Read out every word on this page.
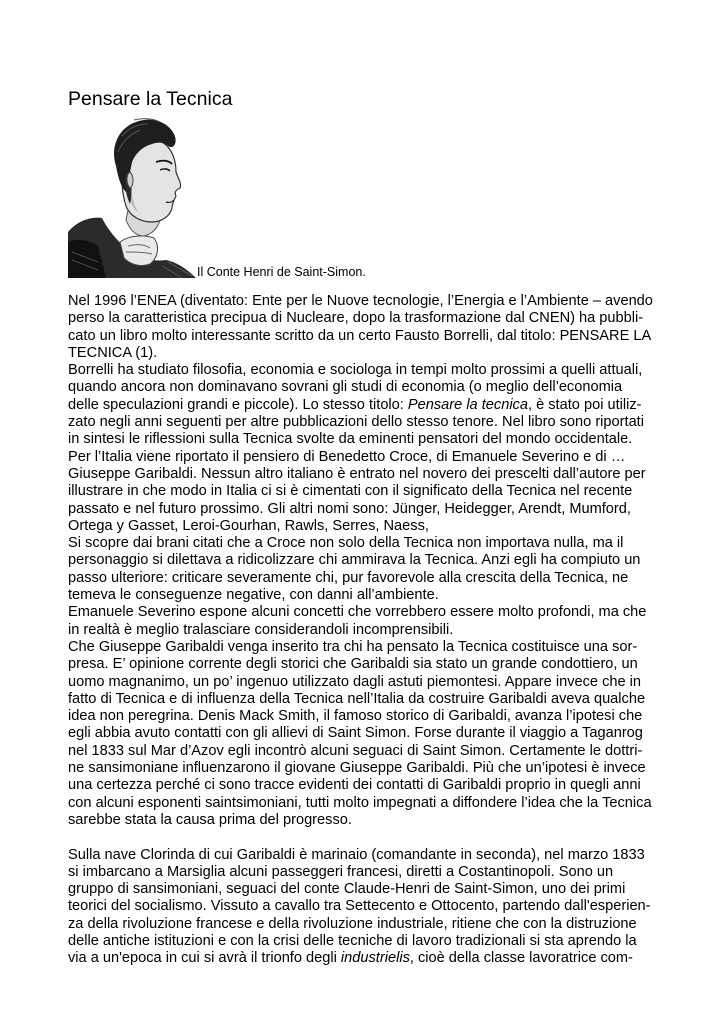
Pensare la Tecnica
Il Conte Henri de Saint-Simon.
Nel 1996 l’ENEA (diventato: Ente per le Nuove tecnologie, l’Energia e l’Ambiente – avendo
perso la caratteristica precipua di Nucleare, dopo la trasformazione dal CNEN) ha pubbli-
cato un libro molto interessante scritto da un certo Fausto Borrelli, dal titolo: PENSARE LA
TECNICA (1).
Borrelli ha studiato filosofia, economia e sociologa in tempi molto prossimi a quelli attuali,
quando ancora non dominavano sovrani gli studi di economia (o meglio dell’economia
delle speculazioni grandi e piccole). Lo stesso titolo: Pensare la tecnica, è stato poi utiliz-
zato negli anni seguenti per altre pubblicazioni dello stesso tenore. Nel libro sono riportati
in sintesi le riflessioni sulla Tecnica svolte da eminenti pensatori del mondo occidentale.
Per l’Italia viene riportato il pensiero di Benedetto Croce, di Emanuele Severino e di …
Giuseppe Garibaldi. Nessun altro italiano è entrato nel novero dei prescelti dall’autore per
illustrare in che modo in Italia ci si è cimentati con il significato della Tecnica nel recente
passato e nel futuro prossimo. Gli altri nomi sono: Jünger, Heidegger, Arendt, Mumford,
Ortega y Gasset, Leroi-Gourhan, Rawls, Serres, Naess,
Si scopre dai brani citati che a Croce non solo della Tecnica non importava nulla, ma il
personaggio si dilettava a ridicolizzare chi ammirava la Tecnica. Anzi egli ha compiuto un
passo ulteriore: criticare severamente chi, pur favorevole alla crescita della Tecnica, ne
temeva le conseguenze negative, con danni all’ambiente.
Emanuele Severino espone alcuni concetti che vorrebbero essere molto profondi, ma che
in realtà è meglio tralasciare considerandoli incomprensibili.
Che Giuseppe Garibaldi venga inserito tra chi ha pensato la Tecnica costituisce una sor-
presa. E’ opinione corrente degli storici che Garibaldi sia stato un grande condottiero, un
uomo magnanimo, un po’ ingenuo utilizzato dagli astuti piemontesi. Appare invece che in
fatto di Tecnica e di influenza della Tecnica nell’Italia da costruire Garibaldi aveva qualche
idea non peregrina. Denis Mack Smith, il famoso storico di Garibaldi, avanza l’ipotesi che
egli abbia avuto contatti con gli allievi di Saint Simon. Forse durante il viaggio a Taganrog
nel 1833 sul Mar d’Azov egli incontrò alcuni seguaci di Saint Simon. Certamente le dottri-
ne sansimoniane influenzarono il giovane Giuseppe Garibaldi. Più che un’ipotesi è invece
una certezza perché ci sono tracce evidenti dei contatti di Garibaldi proprio in quegli anni
con alcuni esponenti saintsimoniani, tutti molto impegnati a diffondere l’idea che la Tecnica
sarebbe stata la causa prima del progresso.
Sulla nave Clorinda di cui Garibaldi è marinaio (comandante in seconda), nel marzo 1833
si imbarcano a Marsiglia alcuni passeggeri francesi, diretti a Costantinopoli. Sono un
gruppo di sansimoniani, seguaci del conte Claude-Henri de Saint-Simon, uno dei primi
teorici del socialismo. Vissuto a cavallo tra Settecento e Ottocento, partendo dall'esperien-
za della rivoluzione francese e della rivoluzione industriale, ritiene che con la distruzione
delle antiche istituzioni e con la crisi delle tecniche di lavoro tradizionali si sta aprendo la
via a un'epoca in cui si avrà il trionfo degli industrielis, cioè della classe lavoratrice com-
